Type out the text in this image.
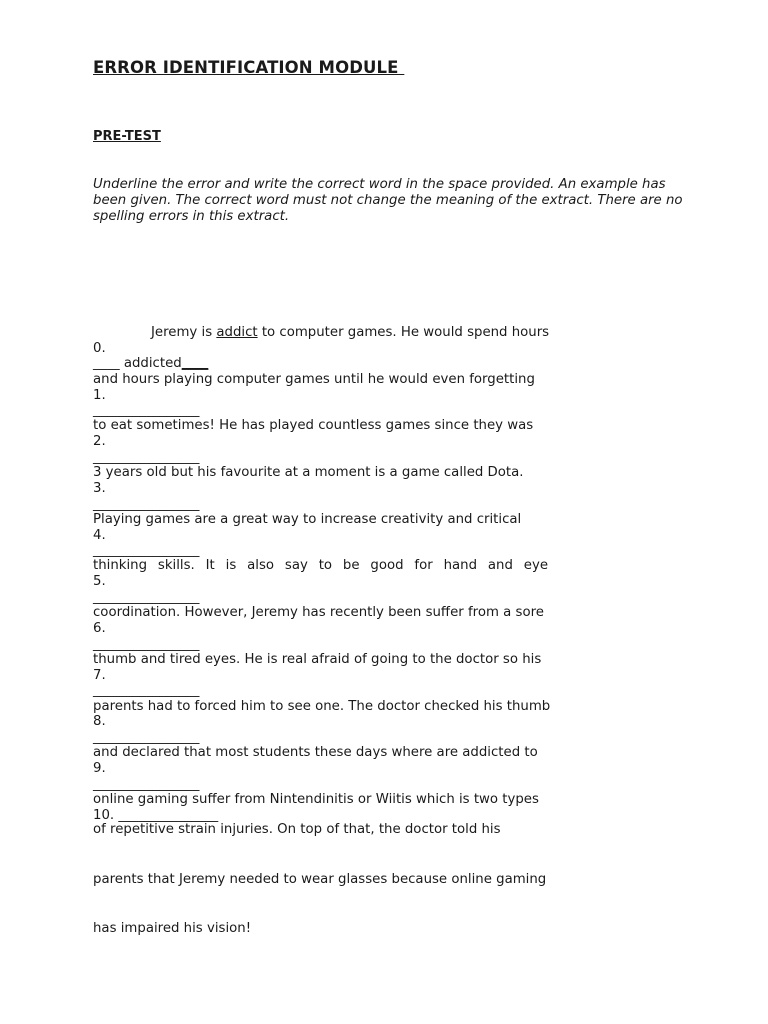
ERROR IDENTIFICATION MODULE
PRE-TEST
Underline the error and write the correct word in the space provided. An example has been given. The correct word must not change the meaning of the extract. There are no spelling errors in this extract.
Jeremy is addict to computer games. He would spend hours
0.
____ addicted____
and hours playing computer games until he would even forgetting
1.
________________
to eat sometimes! He has played countless games since they was
2.
________________
3 years old but his favourite at a moment is a game called Dota.
3.
________________
Playing games are a great way to increase creativity and critical
4.
________________
thinking skills. It is also say to be good for hand and eye
5.
________________
coordination. However, Jeremy has recently been suffer from a sore
6.
________________
thumb and tired eyes. He is real afraid of going to the doctor so his
7.
________________
parents had to forced him to see one. The doctor checked his thumb
8.
________________
and declared that most students these days where are addicted to
9.
________________
online gaming suffer from Nintendinitis or Wiitis which is two types
10. _______________
of repetitive strain injuries. On top of that, the doctor told his
parents that Jeremy needed to wear glasses because online gaming
has impaired his vision!
